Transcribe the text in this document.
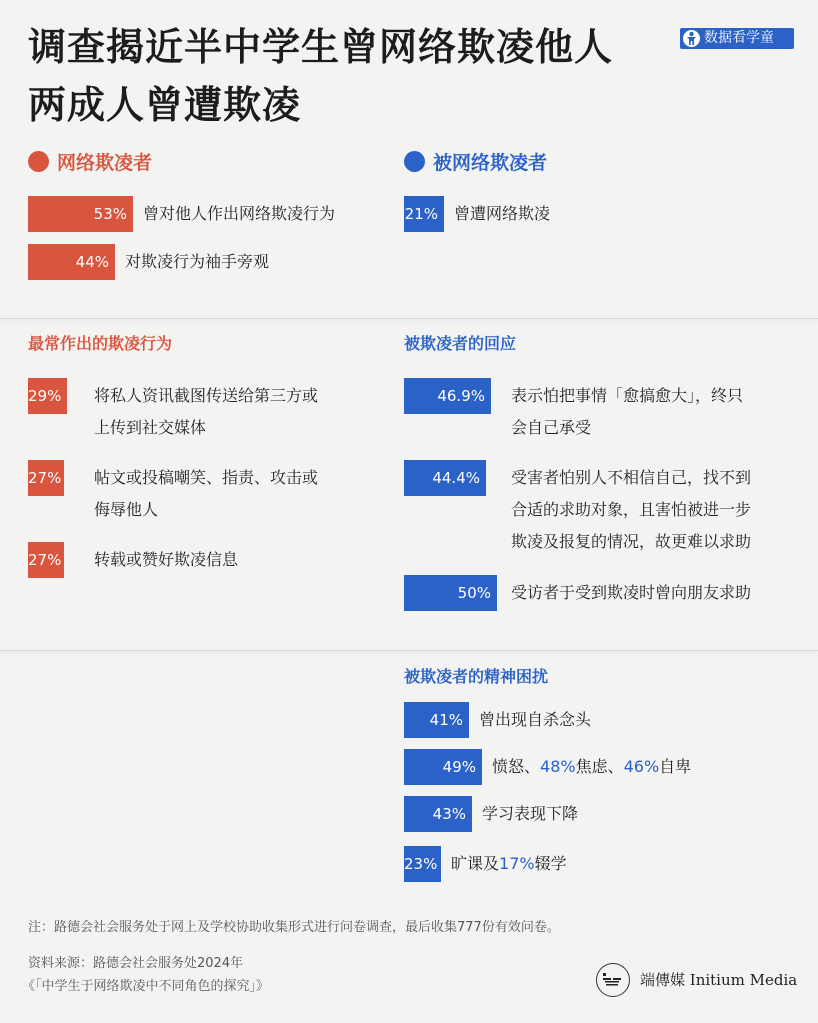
调查揭近半中学生曾网络欺凌他人
两成人曾遭欺凌
数据看学童
网络欺凌者	被网络欺凌者
53%	曾对他人作出网络欺凌行为
44%	对欺凌行为袖手旁观
21%	曾遭网络欺凌
最常作出的欺凌行为	被欺凌者的回应
29%	将私人资讯截图传送给第三方或
上传到社交媒体
27% 帖文或投稿嘲笑、指责、攻击或
侮辱他人
27% 转载或赞好欺凌信息
46.9%	表示怕把事情「愈搞愈大」，终只
会自己承受
44.4%	受害者怕别人不相信自己，找不到
合适的求助对象，且害怕被进一步
欺凌及报复的情况，故更难以求助
50%	受访者于受到欺凌时曾向朋友求助
被欺凌者的精神困扰
41%	曾出现自杀念头
49%	愤怒、48%焦虑、46%自卑
43%	学习表现下降
23% 旷课及17%辍学
注：路德会社会服务处于网上及学校协助收集形式进行问卷调查，最后收集777份有效问卷。
资料来源：路德会社会服务处2024年
《「中学生于网络欺凌中不同角色的探究」》	端傳媒 Initium Media
